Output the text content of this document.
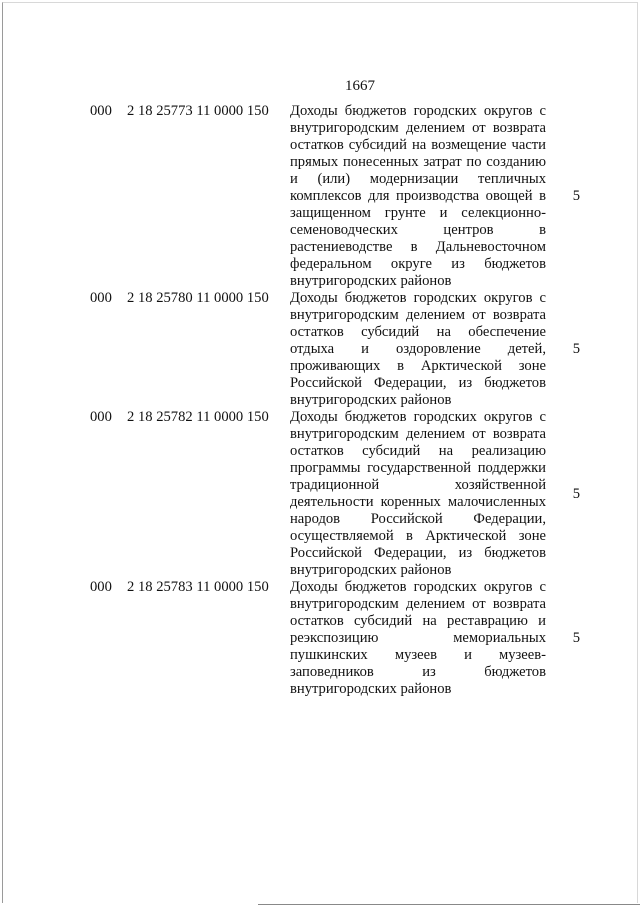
1667
000	2 18 25773 11 0000 150	Доходы бюджетов городских округов с
внутригородским делением от возврата
остатков субсидий на возмещение части
прямых понесенных затрат по созданию
и (или) модернизации тепличных
комплексов для производства овощей в
защищенном грунте и селекционно-
семеноводческих центров в
растениеводстве в Дальневосточном
федеральном округе из бюджетов
внутригородских районов
5
000	2 18 25780 11 0000 150	Доходы бюджетов городских округов с
внутригородским делением от возврата
остатков субсидий на обеспечение
отдыха и оздоровление детей,
проживающих в Арктической зоне
Российской Федерации, из бюджетов
внутригородских районов
5
000	2 18 25782 11 0000 150	Доходы бюджетов городских округов с
внутригородским делением от возврата
остатков субсидий на реализацию
программы государственной поддержки
традиционной хозяйственной
деятельности коренных малочисленных
народов Российской Федерации,
осуществляемой в Арктической зоне
Российской Федерации, из бюджетов
внутригородских районов
5
000	2 18 25783 11 0000 150	Доходы бюджетов городских округов с
внутригородским делением от возврата
остатков субсидий на реставрацию и
реэкспозицию мемориальных
пушкинских музеев и музеев-
заповедников из бюджетов
внутригородских районов
5
